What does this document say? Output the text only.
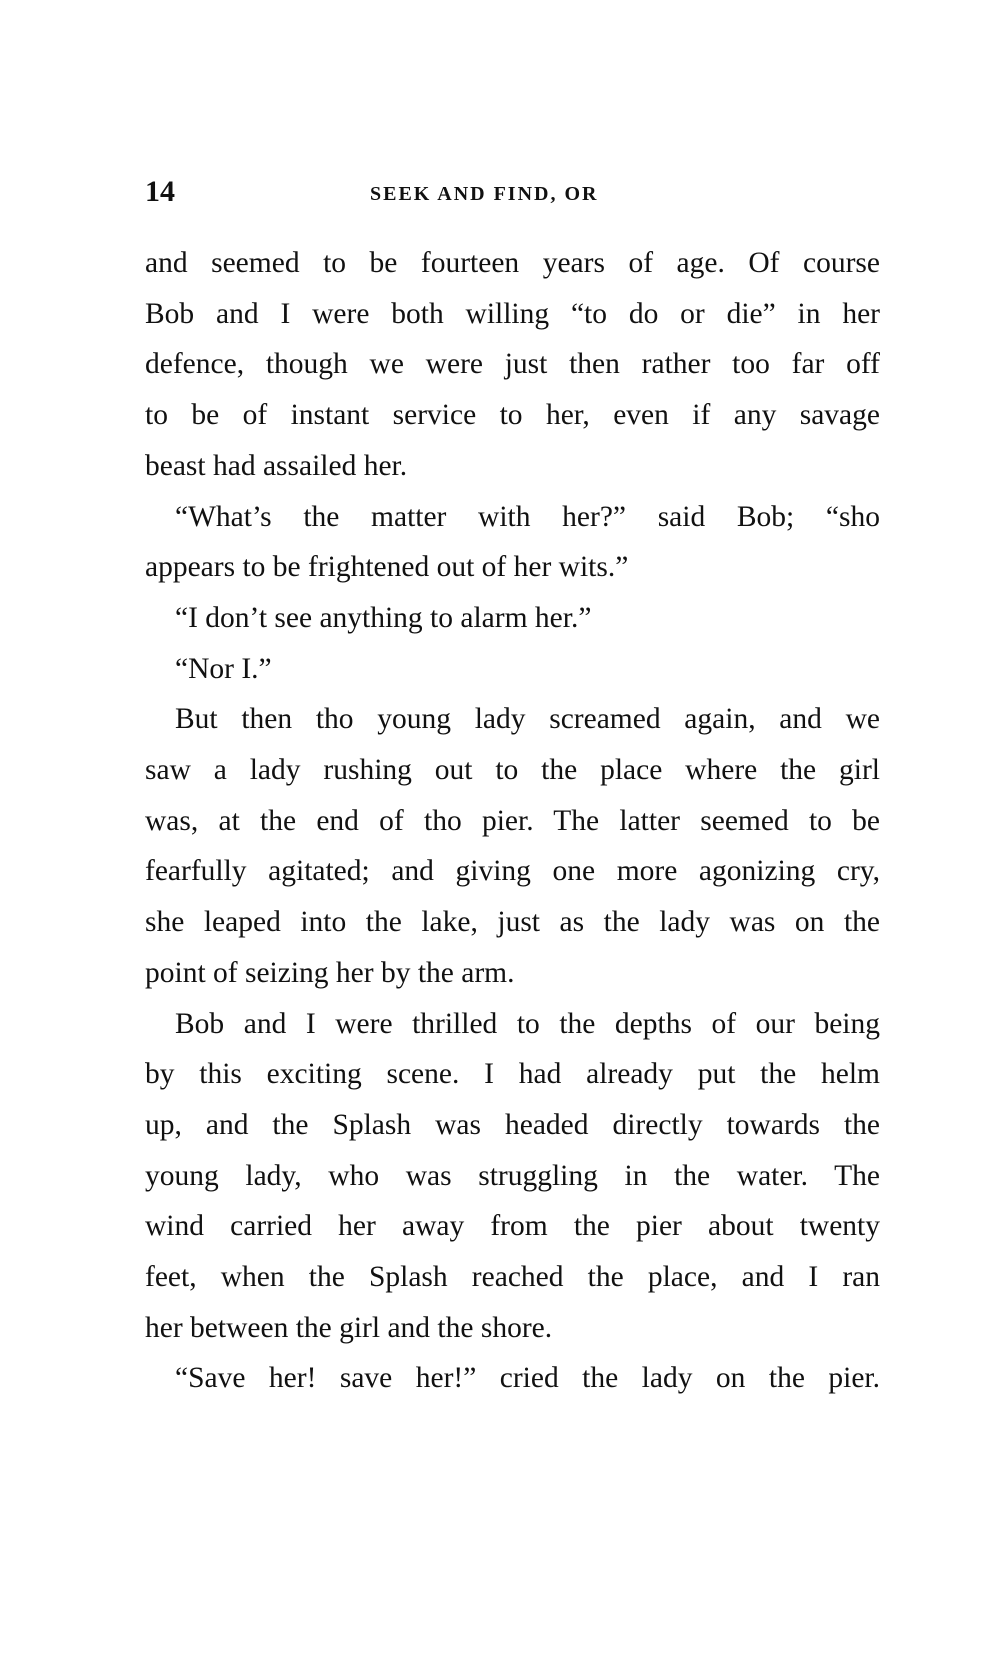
14	SEEK AND FIND, OR
and seemed to be fourteen years of age. Of course
Bob and I were both willing “to do or die” in her
defence, though we were just then rather too far off
to be of instant service to her, even if any savage
beast had assailed her.
“What’s the matter with her?” said Bob; “sho
appears to be frightened out of her wits.”
“I don’t see anything to alarm her.”
“Nor I.”
But then tho young lady screamed again, and we
saw a lady rushing out to the place where the girl
was, at the end of tho pier. The latter seemed to be
fearfully agitated; and giving one more agonizing cry,
she leaped into the lake, just as the lady was on the
point of seizing her by the arm.
Bob and I were thrilled to the depths of our being
by this exciting scene. I had already put the helm
up, and the Splash was headed directly towards the
young lady, who was struggling in the water. The
wind carried her away from the pier about twenty
feet, when the Splash reached the place, and I ran
her between the girl and the shore.
“Save her! save her!” cried the lady on the pier.
